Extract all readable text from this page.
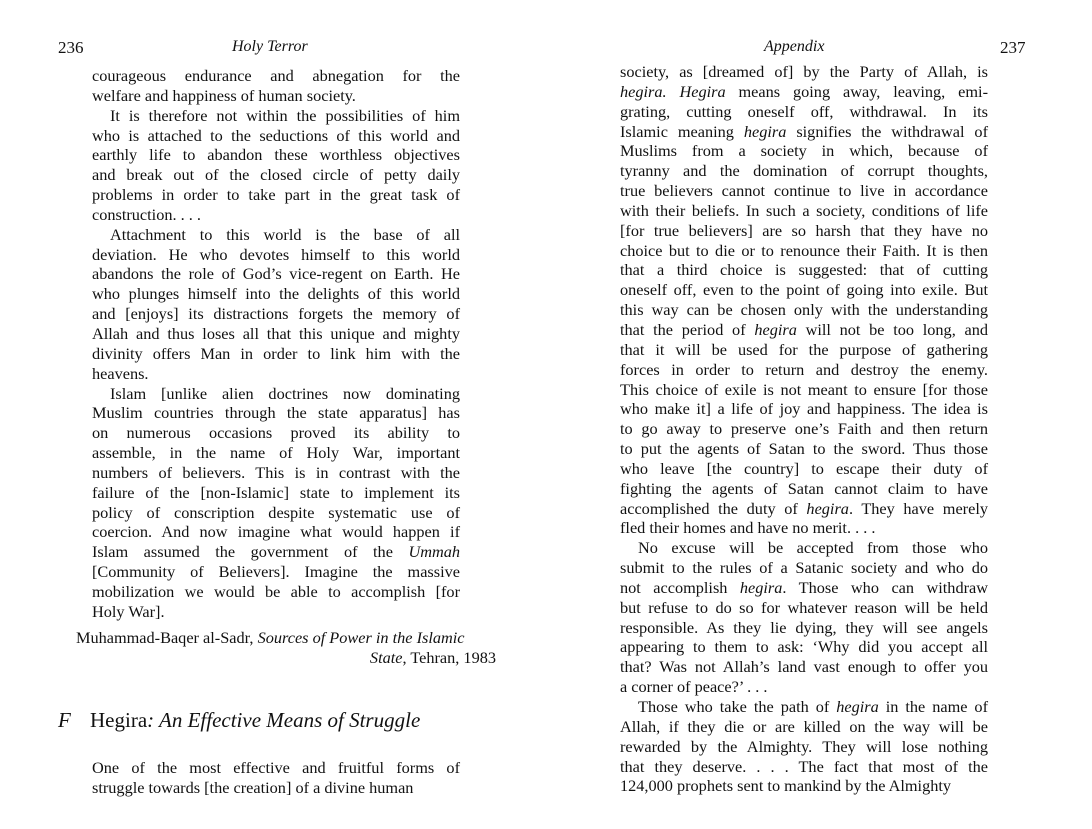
236	Holy Terror

courageous endurance and abnegation for the
welfare and happiness of human society.

It is therefore not within the possibilities of him
who is attached to the seductions of this world and
earthly life to abandon these worthless objectives
and break out of the closed circle of petty daily
problems in order to take part in the great task of
construction. . . .

Attachment to this world is the base of all
deviation. He who devotes himself to this world
abandons the role of God’s vice-regent on Earth. He
who plunges himself into the delights of this world
and [enjoys] its distractions forgets the memory of
Allah and thus loses all that this unique and mighty
divinity offers Man in order to link him with the
heavens.

Islam [unlike alien doctrines now dominating
Muslim countries through the state apparatus] has
on numerous occasions proved its ability to
assemble, in the name of Holy War, important
numbers of believers. This is in contrast with the
failure of the [non-Islamic] state to implement its
policy of conscription despite systematic use of
coercion. And now imagine what would happen if
Islam assumed the government of the Ummah
[Community of Believers]. Imagine the massive
mobilization we would be able to accomplish [for
Holy War].

Muhammad-Baqer al-Sadr, Sources of Power in the Islamic
State, Tehran, 1983
F Hegira: An Effective Means of Struggle
One of the most effective and fruitful forms of
struggle towards [the creation] of a divine human
Appendix	237

society, as [dreamed of] by the Party of Allah, is
hegira. Hegira means going away, leaving, emi-
grating, cutting oneself off, withdrawal. In its
Islamic meaning hegira signifies the withdrawal of
Muslims from a society in which, because of
tyranny and the domination of corrupt thoughts,
true believers cannot continue to live in accordance
with their beliefs. In such a society, conditions of life
[for true believers] are so harsh that they have no
choice but to die or to renounce their Faith. It is then
that a third choice is suggested: that of cutting
oneself off, even to the point of going into exile. But
this way can be chosen only with the understanding
that the period of hegira will not be too long, and
that it will be used for the purpose of gathering
forces in order to return and destroy the enemy.
This choice of exile is not meant to ensure [for those
who make it] a life of joy and happiness. The idea is
to go away to preserve one’s Faith and then return
to put the agents of Satan to the sword. Thus those
who leave [the country] to escape their duty of
fighting the agents of Satan cannot claim to have
accomplished the duty of hegira. They have merely
fled their homes and have no merit. . . .

No excuse will be accepted from those who
submit to the rules of a Satanic society and who do
not accomplish hegira. Those who can withdraw
but refuse to do so for whatever reason will be held
responsible. As they lie dying, they will see angels
appearing to them to ask: ‘Why did you accept all
that? Was not Allah’s land vast enough to offer you
a corner of peace?’ . . .

Those who take the path of hegira in the name of
Allah, if they die or are killed on the way will be
rewarded by the Almighty. They will lose nothing
that they deserve. . . . The fact that most of the
124,000 prophets sent to mankind by the Almighty
